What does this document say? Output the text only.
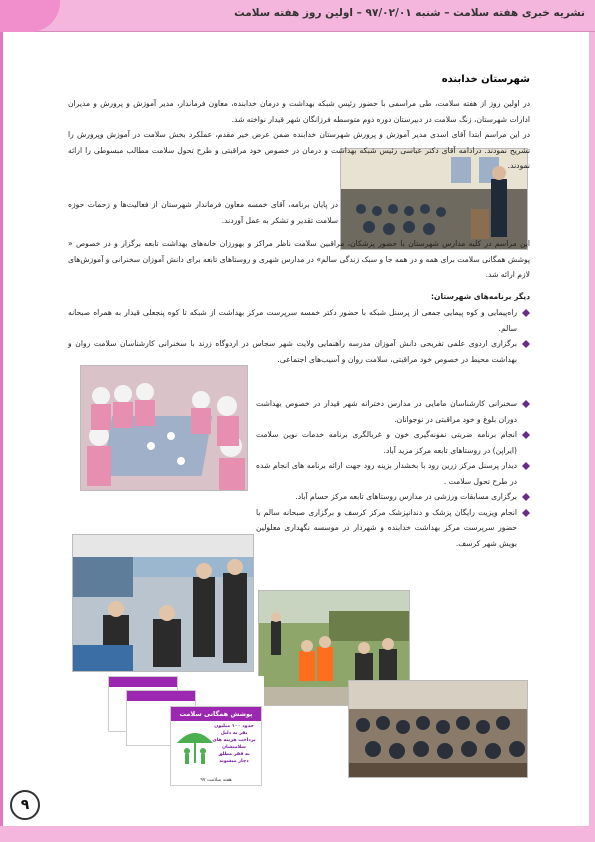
نشریه خبری هفته سلامت – شنبه ۹۷/۰۲/۰۱ – اولین روز هفته سلامت
شهرستان خدابنده
در اولین روز از هفته سلامت، طی مراسمی با حضور رئیس شبکه بهداشت و درمان خدابنده، معاون فرماندار، مدیر آموزش و پرورش و مدیران ادارات شهرستان، زنگ سلامت در دبیرستان دوره دوم متوسطه فرزانگان شهر قیدار نواخته شد.
در این مراسم ابتدا آقای اسدی مدیر آموزش و پرورش شهرستان خدابنده ضمن عرض خیر مقدم، عملکرد بخش سلامت در آموزش وپرورش را تشریح نمودند. درادامه آقای دکتر عباسی رئیس شبکه بهداشت و درمان در خصوص خود مراقبتی و طرح تحول سلامت مطالب مبسوطی را ارائه نمودند.
در پایان برنامه، آقای خمسه معاون فرماندار شهرستان از فعالیت‌ها و زحمات حوزه سلامت تقدیر و تشکر به عمل آوردند.
این مراسم در کلیه مدارس شهرستان با حضور پزشکان، مراقبین سلامت ناظر مراکز و بهورزان خانه‌های بهداشت تابعه برگزار و در خصوص « پوشش همگانی سلامت برای همه و در همه جا و سبک زندگی سالم» در مدارس شهری و روستاهای تابعه برای دانش آموزان سخنرانی و آموزش‌های لازم ارائه شد.
دیگر برنامه‌های شهرستان:
راه‌پیمایی و کوه پیمایی جمعی از پرسنل شبکه با حضور دکتر خمسه سرپرست مرکز بهداشت از شبکه تا کوه پنجعلی قیدار به همراه صبحانه سالم.
برگزاری اردوی علمی تفریحی دانش آموزان مدرسه راهنمایی ولایت شهر سجاس در اردوگاه زرند با سخنرانی کارشناسان سلامت روان و بهداشت محیط در خصوص خود مراقبتی، سلامت روان و آسیب‌های اجتماعی.
سخنرانی کارشناسان مامایی در مدارس دخترانه شهر قیدار در خصوص بهداشت دوران بلوغ و خود مراقبتی در نوجوانان.
انجام برنامه ضربتی نمونه‌گیری خون و غربالگری برنامه خدمات نوین سلامت (ایراپن) در روستاهای تابعه مرکز مزید آباد.
دیدار پرسنل مرکز زرین رود با بخشدار بزینه رود جهت ارائه برنامه های انجام شده در طرح تحول سلامت .
برگزاری مسابقات ورزشی در مدارس روستاهای تابعه مرکز حسام آباد.
انجام ویزیت رایگان پزشک و دندانپزشک مرکز کرسف و برگزاری صبحانه سالم با حضور سرپرست مرکز بهداشت خدابنده و شهردار در موسسه نگهداری معلولین بویش شهر کرسف.
پوشش همگانی سلامت
حدود ۱۰۰ میلیون
نفر به دلیل
پرداخت هزینه های
سلامتشان
به فقر مطلق
دچار میشوند
هفته سلامت ۹۷
۹
